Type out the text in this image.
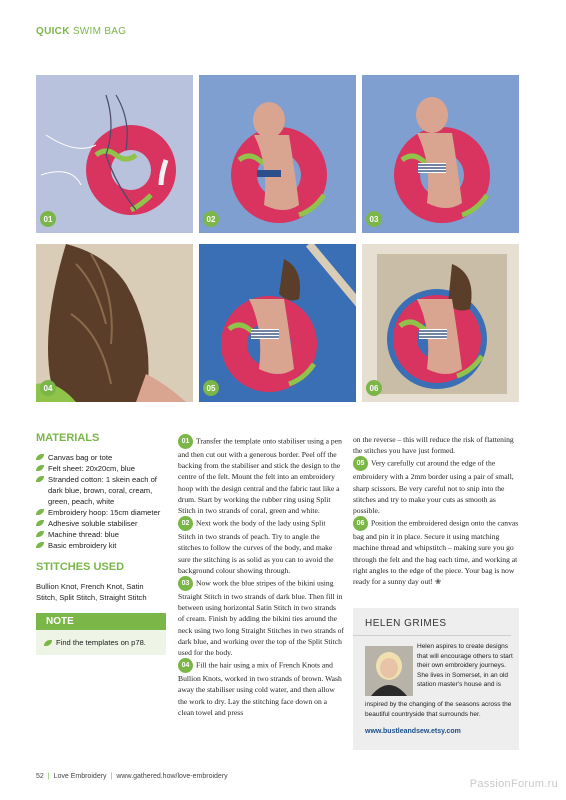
QUICK SWIM BAG
01	02	03
04	05	06
MATERIALS
Canvas bag or tote
Felt sheet: 20x20cm, blue
Stranded cotton: 1 skein each of dark blue, brown, coral, cream, green, peach, white
Embroidery hoop: 15cm diameter
Adhesive soluble stabiliser
Machine thread: blue
Basic embroidery kit
STITCHES USED
Bullion Knot, French Knot, Satin Stitch, Split Stitch, Straight Stitch
NOTE
Find the templates on p78.

01 Transfer the template onto stabiliser using a pen and then cut out with a generous border. Peel off the backing from the stabiliser and stick the design to the centre of the felt. Mount the felt into an embroidery hoop with the design central and the fabric taut like a drum. Start by working the rubber ring using Split Stitch in two strands of coral, green and white.

02 Next work the body of the lady using Split Stitch in two strands of peach. Try to angle the stitches to follow the curves of the body, and make sure the stitching is as solid as you can to avoid the background colour showing through.

03 Now work the blue stripes of the bikini using Straight Stitch in two strands of dark blue. Then fill in between using horizontal Satin Stitch in two strands of cream. Finish by adding the bikini ties around the neck using two long Straight Stitches in two strands of dark blue, and working over the top of the Split Stitch used for the body.

04 Fill the hair using a mix of French Knots and Bullion Knots, worked in two strands of brown. Wash away the stabiliser using cold water, and then allow the work to dry. Lay the stitching face down on a clean towel and press

on the reverse – this will reduce the risk of flattening the stitches you have just formed.

05 Very carefully cut around the edge of the embroidery with a 2mm border using a pair of small, sharp scissors. Be very careful not to snip into the stitches and try to make your cuts as smooth as possible.

06 Position the embroidered design onto the canvas bag and pin it in place. Secure it using matching machine thread and whipstitch – making sure you go through the felt and the bag each time, and working at right angles to the edge of the piece. Your bag is now ready for a sunny day out! ❀

HELEN GRIMES
Helen aspires to create designs that will encourage others to start their own embroidery journeys. She lives in Somerset, in an old station master's house and is
inspired by the changing of the seasons across the beautiful countryside that surrounds her.
www.bustleandsew.etsy.com
52 | Love Embroidery | www.gathered.how/love-embroidery
PassionForum.ru
